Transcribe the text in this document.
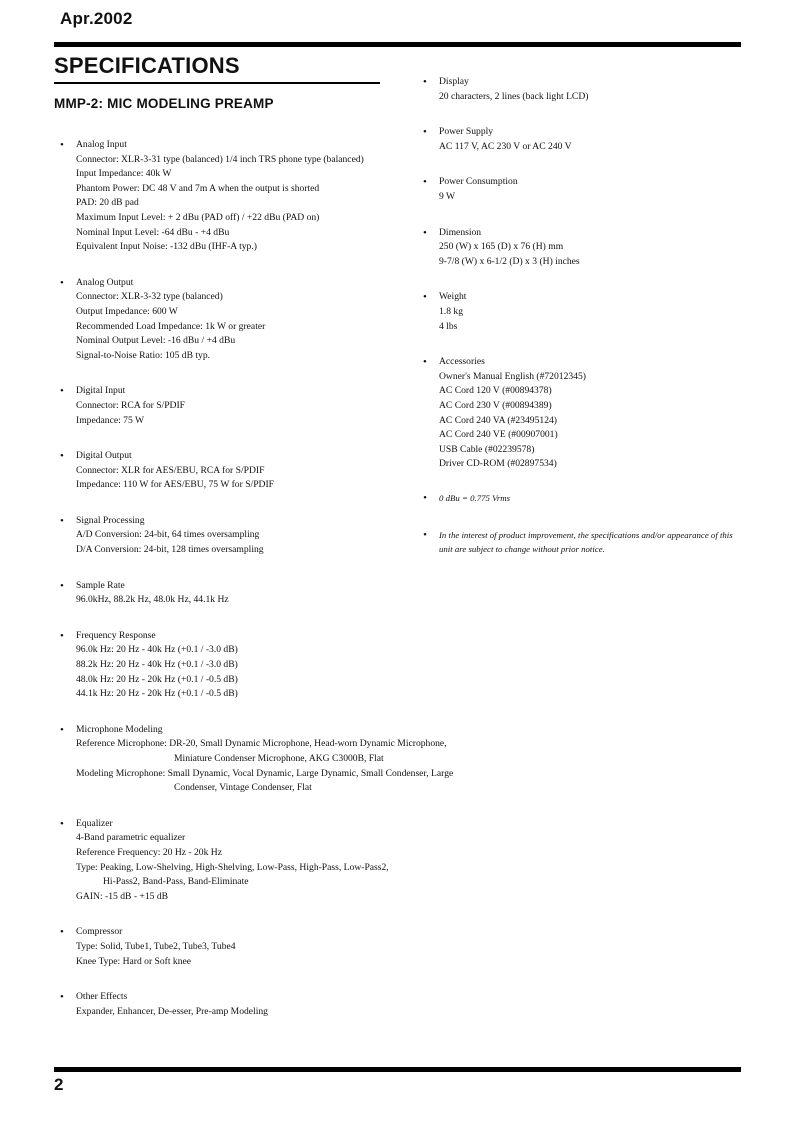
Apr.2002
SPECIFICATIONS
MMP-2: MIC MODELING PREAMP
• Analog Input
Connector: XLR-3-31 type (balanced) 1/4 inch TRS phone type (balanced)
Input Impedance: 40k W
Phantom Power: DC 48 V and 7m A when the output is shorted
PAD: 20 dB pad
Maximum Input Level: + 2 dBu (PAD off) / +22 dBu (PAD on)
Nominal Input Level: -64 dBu - +4 dBu
Equivalent Input Noise: -132 dBu (IHF-A typ.)
• Analog Output
Connector: XLR-3-32 type (balanced)
Output Impedance: 600 W
Recommended Load Impedance: 1k W or greater
Nominal Output Level: -16 dBu / +4 dBu
Signal-to-Noise Ratio: 105 dB typ.
• Digital Input
Connector: RCA for S/PDIF
Impedance: 75 W
• Digital Output
Connector: XLR for AES/EBU, RCA for S/PDIF
Impedance: 110 W for AES/EBU, 75 W for S/PDIF
• Signal Processing
A/D Conversion: 24-bit, 64 times oversampling
D/A Conversion: 24-bit, 128 times oversampling
• Sample Rate
96.0kHz, 88.2k Hz, 48.0k Hz, 44.1k Hz
• Frequency Response
96.0k Hz: 20 Hz - 40k Hz (+0.1 / -3.0 dB)
88.2k Hz: 20 Hz - 40k Hz (+0.1 / -3.0 dB)
48.0k Hz: 20 Hz - 20k Hz (+0.1 / -0.5 dB)
44.1k Hz: 20 Hz - 20k Hz (+0.1 / -0.5 dB)
• Microphone Modeling
Reference Microphone: DR-20, Small Dynamic Microphone, Head-worn Dynamic Microphone, Miniature Condenser Microphone, AKG C3000B, Flat
Modeling Microphone: Small Dynamic, Vocal Dynamic, Large Dynamic, Small Condenser, Large Condenser, Vintage Condenser, Flat
• Equalizer
4-Band parametric equalizer
Reference Frequency: 20 Hz - 20k Hz
Type: Peaking, Low-Shelving, High-Shelving, Low-Pass, High-Pass, Low-Pass2, Hi-Pass2, Band-Pass, Band-Eliminate
GAIN: -15 dB - +15 dB
• Compressor
Type: Solid, Tube1, Tube2, Tube3, Tube4
Knee Type: Hard or Soft knee
• Other Effects
Expander, Enhancer, De-esser, Pre-amp Modeling
• Display
20 characters, 2 lines (back light LCD)
• Power Supply
AC 117 V, AC 230 V or AC 240 V
• Power Consumption
9 W
• Dimension
250 (W) x 165 (D) x 76 (H) mm
9-7/8 (W) x 6-1/2 (D) x 3 (H) inches
• Weight
1.8 kg
4 lbs
• Accessories
Owner's Manual English (#72012345)
AC Cord 120 V (#00894378)
AC Cord 230 V (#00894389)
AC Cord 240 VA (#23495124)
AC Cord 240 VE (#00907001)
USB Cable (#02239578)
Driver CD-ROM (#02897534)
• 0 dBu = 0.775 Vrms
• In the interest of product improvement, the specifications and/or appearance of this unit are subject to change without prior notice.
2
